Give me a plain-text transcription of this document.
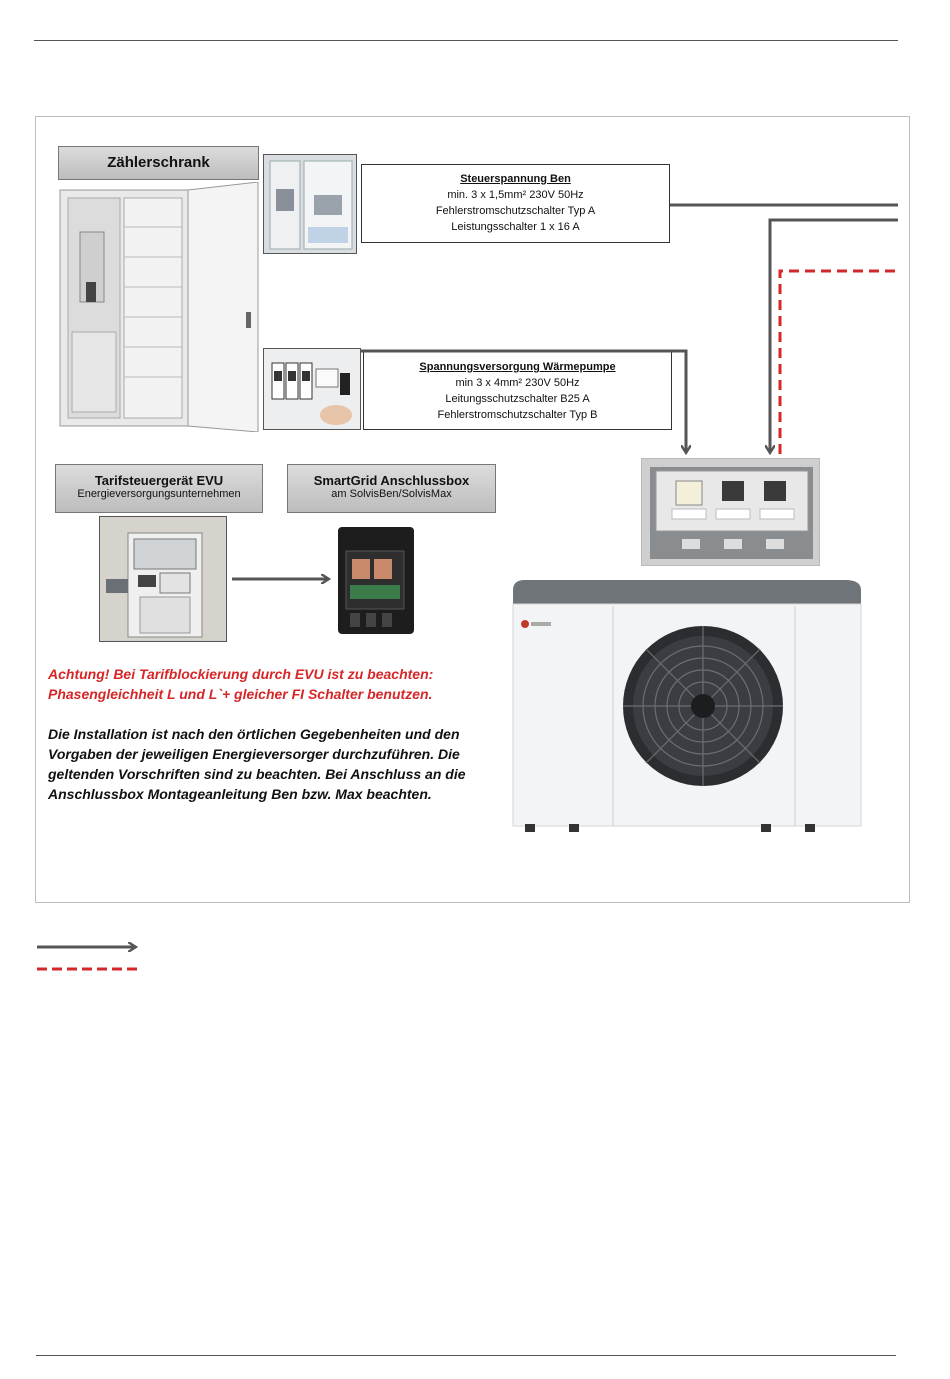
Zählerschrank
Steuerspannung Ben
min. 3 x 1,5mm² 230V 50Hz
Fehlerstromschutzschalter Typ A
Leistungsschalter 1 x 16 A
Spannungsversorgung Wärmepumpe
min 3 x 4mm² 230V 50Hz
Leitungsschutzschalter B25 A
Fehlerstromschutzschalter Typ B
Tarifsteuergerät EVU
Energieversorgungsunternehmen
SmartGrid Anschlussbox
am SolvisBen/SolvisMax
Achtung! Bei Tarifblockierung durch EVU ist zu beachten:
Phasengleichheit L und L`+ gleicher FI Schalter benutzen.
Die Installation ist nach den örtlichen Gegebenheiten und den
Vorgaben der jeweiligen Energieversorger durchzuführen. Die
geltenden Vorschriften sind zu beachten. Bei Anschluss an die
Anschlussbox Montageanleitung Ben bzw. Max beachten.
